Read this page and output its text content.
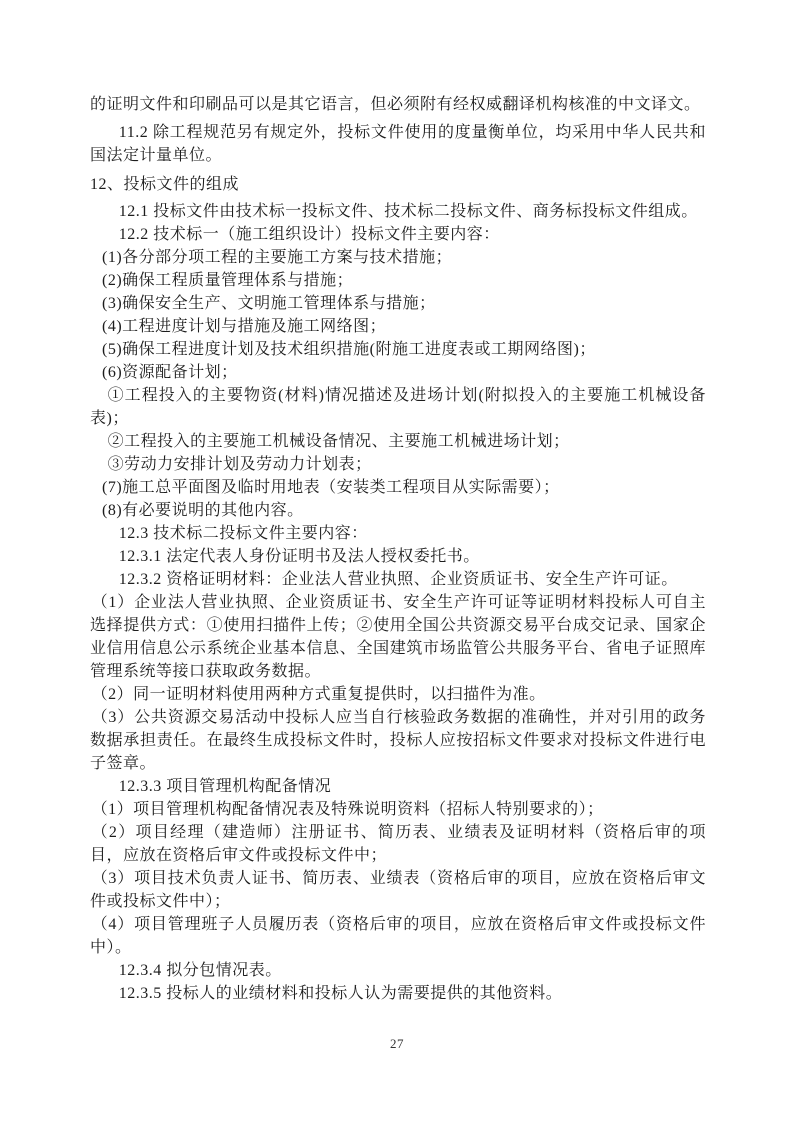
的证明文件和印刷品可以是其它语言，但必须附有经权威翻译机构核准的中文译文。

11.2 除工程规范另有规定外，投标文件使用的度量衡单位，均采用中华人民共和国法定计量单位。

12、投标文件的组成

12.1 投标文件由技术标一投标文件、技术标二投标文件、商务标投标文件组成。

12.2 技术标一（施工组织设计）投标文件主要内容：

(1)各分部分项工程的主要施工方案与技术措施；

(2)确保工程质量管理体系与措施；

(3)确保安全生产、文明施工管理体系与措施；

(4)工程进度计划与措施及施工网络图；

(5)确保工程进度计划及技术组织措施(附施工进度表或工期网络图)；

(6)资源配备计划；

①工程投入的主要物资(材料)情况描述及进场计划(附拟投入的主要施工机械设备表)；

②工程投入的主要施工机械设备情况、主要施工机械进场计划；

③劳动力安排计划及劳动力计划表；

(7)施工总平面图及临时用地表（安装类工程项目从实际需要）；

(8)有必要说明的其他内容。

12.3 技术标二投标文件主要内容：

12.3.1 法定代表人身份证明书及法人授权委托书。

12.3.2 资格证明材料：企业法人营业执照、企业资质证书、安全生产许可证。

（1）企业法人营业执照、企业资质证书、安全生产许可证等证明材料投标人可自主选择提供方式：①使用扫描件上传；②使用全国公共资源交易平台成交记录、国家企业信用信息公示系统企业基本信息、全国建筑市场监管公共服务平台、省电子证照库管理系统等接口获取政务数据。

（2）同一证明材料使用两种方式重复提供时，以扫描件为准。

（3）公共资源交易活动中投标人应当自行核验政务数据的准确性，并对引用的政务数据承担责任。在最终生成投标文件时，投标人应按招标文件要求对投标文件进行电子签章。

12.3.3 项目管理机构配备情况

（1）项目管理机构配备情况表及特殊说明资料（招标人特别要求的）；

（2）项目经理（建造师）注册证书、简历表、业绩表及证明材料（资格后审的项目，应放在资格后审文件或投标文件中；

（3）项目技术负责人证书、简历表、业绩表（资格后审的项目，应放在资格后审文件或投标文件中）；

（4）项目管理班子人员履历表（资格后审的项目，应放在资格后审文件或投标文件中）。

12.3.4 拟分包情况表。

12.3.5 投标人的业绩材料和投标人认为需要提供的其他资料。

27
